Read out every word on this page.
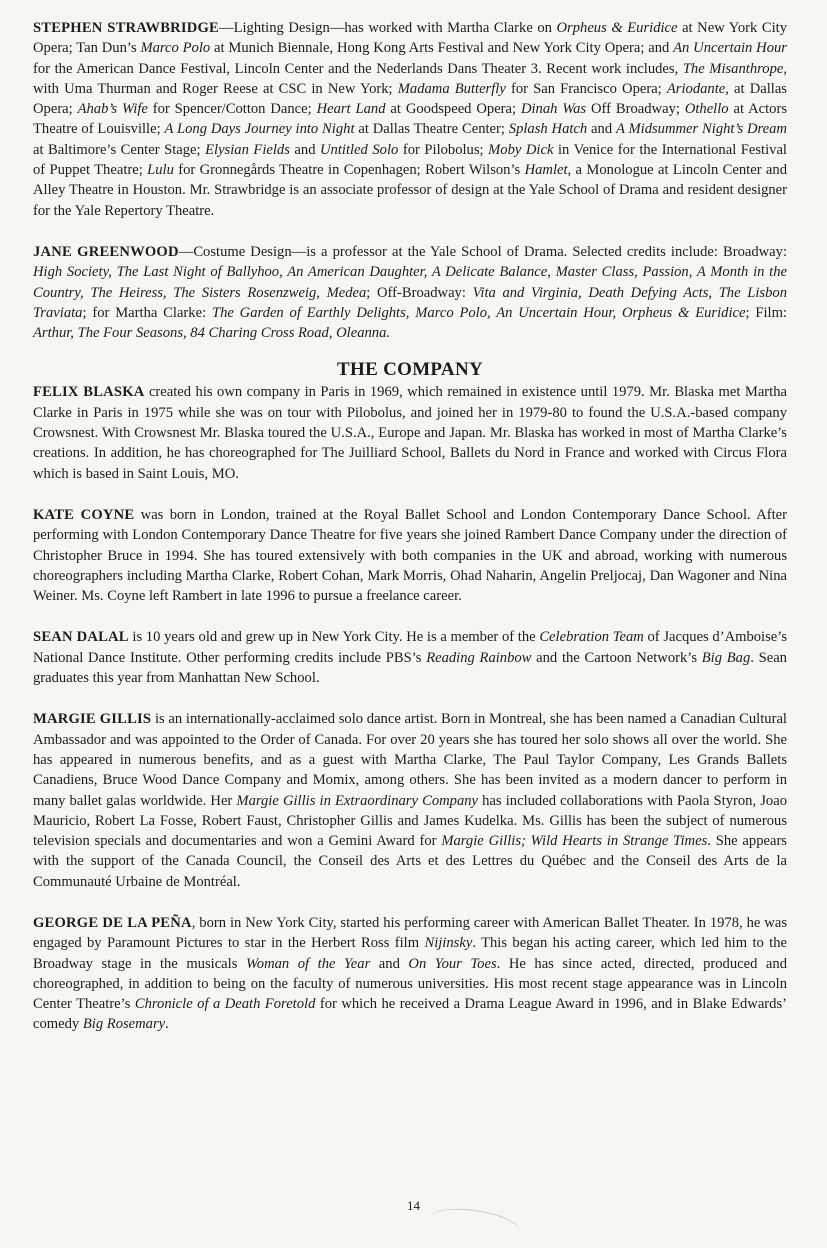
STEPHEN STRAWBRIDGE—Lighting Design—has worked with Martha Clarke on Orpheus & Euridice at New York City Opera; Tan Dun’s Marco Polo at Munich Biennale, Hong Kong Arts Festival and New York City Opera; and An Uncertain Hour for the American Dance Festival, Lincoln Center and the Nederlands Dans Theater 3. Recent work includes, The Misanthrope, with Uma Thurman and Roger Reese at CSC in New York; Madama Butterfly for San Francisco Opera; Ariodante, at Dallas Opera; Ahab’s Wife for Spencer/Cotton Dance; Heart Land at Goodspeed Opera; Dinah Was Off Broadway; Othello at Actors Theatre of Louisville; A Long Days Journey into Night at Dallas Theatre Center; Splash Hatch and A Midsummer Night’s Dream at Baltimore’s Center Stage; Elysian Fields and Untitled Solo for Pilobolus; Moby Dick in Venice for the International Festival of Puppet Theatre; Lulu for Gronnegårds Theatre in Copenhagen; Robert Wilson’s Hamlet, a Monologue at Lincoln Center and Alley Theatre in Houston. Mr. Strawbridge is an associate professor of design at the Yale School of Drama and resident designer for the Yale Repertory Theatre.

JANE GREENWOOD—Costume Design—is a professor at the Yale School of Drama. Selected credits include: Broadway: High Society, The Last Night of Ballyhoo, An American Daughter, A Delicate Balance, Master Class, Passion, A Month in the Country, The Heiress, The Sisters Rosenzweig, Medea; Off-Broadway: Vita and Virginia, Death Defying Acts, The Lisbon Traviata; for Martha Clarke: The Garden of Earthly Delights, Marco Polo, An Uncertain Hour, Orpheus & Euridice; Film: Arthur, The Four Seasons, 84 Charing Cross Road, Oleanna.

THE COMPANY

FELIX BLASKA created his own company in Paris in 1969, which remained in existence until 1979. Mr. Blaska met Martha Clarke in Paris in 1975 while she was on tour with Pilobolus, and joined her in 1979-80 to found the U.S.A.-based company Crowsnest. With Crowsnest Mr. Blaska toured the U.S.A., Europe and Japan. Mr. Blaska has worked in most of Martha Clarke’s creations. In addition, he has choreographed for The Juilliard School, Ballets du Nord in France and worked with Circus Flora which is based in Saint Louis, MO.

KATE COYNE was born in London, trained at the Royal Ballet School and London Contemporary Dance School. After performing with London Contemporary Dance Theatre for five years she joined Rambert Dance Company under the direction of Christopher Bruce in 1994. She has toured extensively with both companies in the UK and abroad, working with numerous choreographers including Martha Clarke, Robert Cohan, Mark Morris, Ohad Naharin, Angelin Preljocaj, Dan Wagoner and Nina Weiner. Ms. Coyne left Rambert in late 1996 to pursue a freelance career.

SEAN DALAL is 10 years old and grew up in New York City. He is a member of the Celebration Team of Jacques d’Amboise’s National Dance Institute. Other performing credits include PBS’s Reading Rainbow and the Cartoon Network’s Big Bag. Sean graduates this year from Manhattan New School.

MARGIE GILLIS is an internationally-acclaimed solo dance artist. Born in Montreal, she has been named a Canadian Cultural Ambassador and was appointed to the Order of Canada. For over 20 years she has toured her solo shows all over the world. She has appeared in numerous benefits, and as a guest with Martha Clarke, The Paul Taylor Company, Les Grands Ballets Canadiens, Bruce Wood Dance Company and Momix, among others. She has been invited as a modern dancer to perform in many ballet galas worldwide. Her Margie Gillis in Extraordinary Company has included collaborations with Paola Styron, Joao Mauricio, Robert La Fosse, Robert Faust, Christopher Gillis and James Kudelka. Ms. Gillis has been the subject of numerous television specials and documentaries and won a Gemini Award for Margie Gillis; Wild Hearts in Strange Times. She appears with the support of the Canada Council, the Conseil des Arts et des Lettres du Québec and the Conseil des Arts de la Communauté Urbaine de Montréal.

GEORGE DE LA PEÑA, born in New York City, started his performing career with American Ballet Theater. In 1978, he was engaged by Paramount Pictures to star in the Herbert Ross film Nijinsky. This began his acting career, which led him to the Broadway stage in the musicals Woman of the Year and On Your Toes. He has since acted, directed, produced and choreographed, in addition to being on the faculty of numerous universities. His most recent stage appearance was in Lincoln Center Theatre’s Chronicle of a Death Foretold for which he received a Drama League Award in 1996, and in Blake Edwards’ comedy Big Rosemary.

14
